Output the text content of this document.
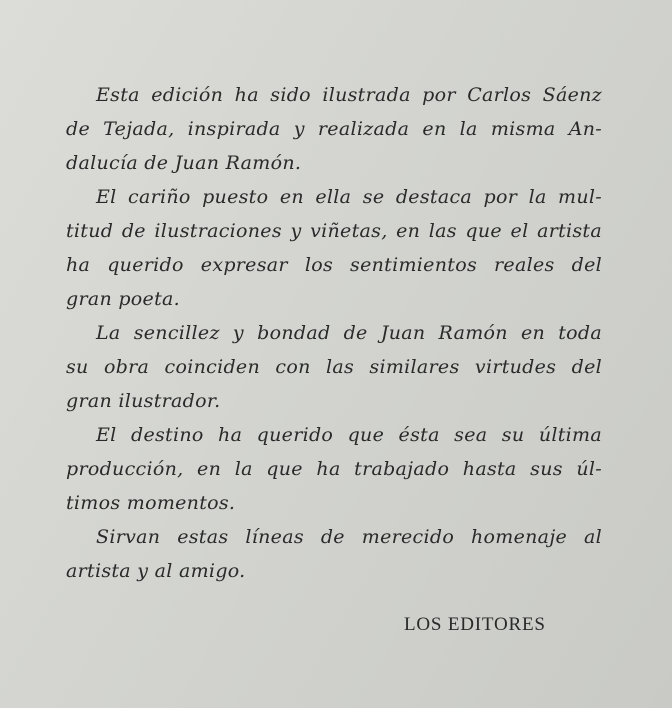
Esta edición ha sido ilustrada por Carlos Sáenz
de Tejada, inspirada y realizada en la misma An-
dalucía de Juan Ramón.
El cariño puesto en ella se destaca por la mul-
titud de ilustraciones y viñetas, en las que el artista
ha querido expresar los sentimientos reales del
gran poeta.
La sencillez y bondad de Juan Ramón en toda
su obra coinciden con las similares virtudes del
gran ilustrador.
El destino ha querido que ésta sea su última
producción, en la que ha trabajado hasta sus úl-
timos momentos.
Sirvan estas líneas de merecido homenaje al
artista y al amigo.
LOS EDITORES
